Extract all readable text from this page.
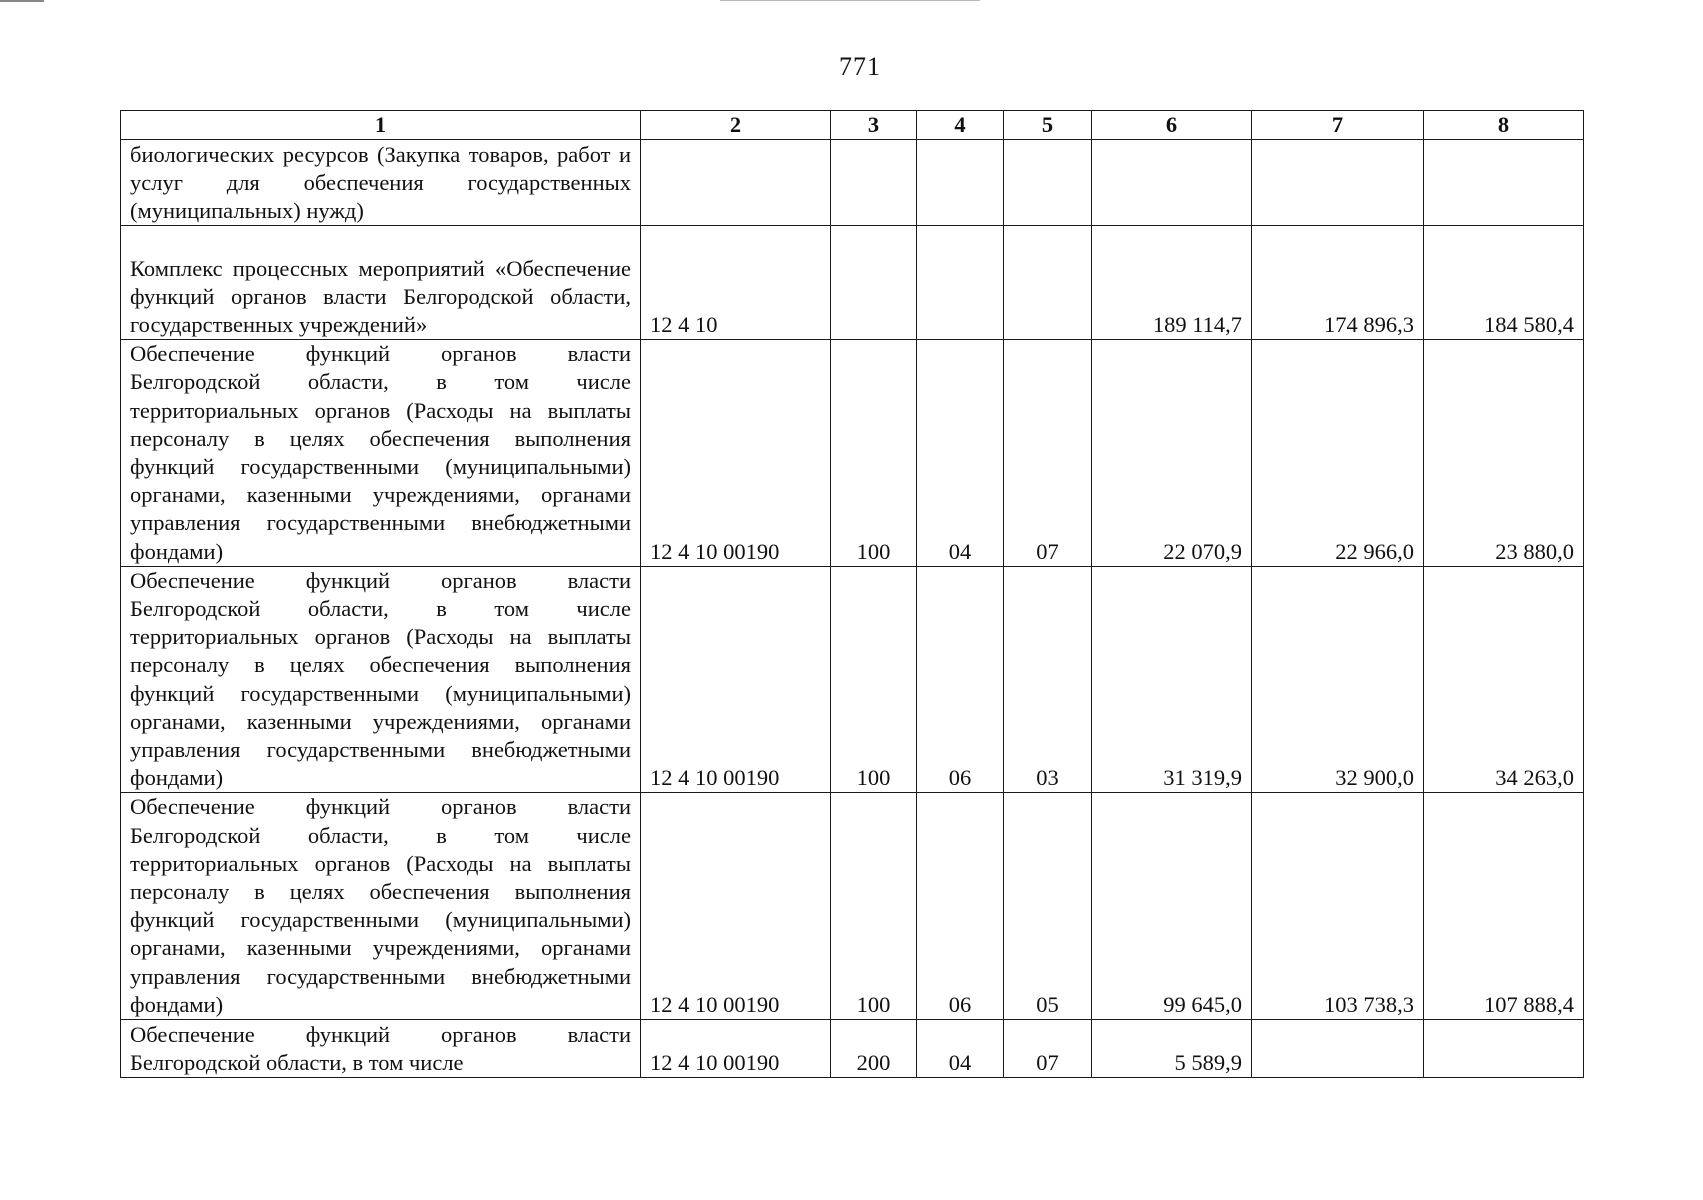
771
1	2	3	4	5	6	7	8
биологических ресурсов (Закупка товаров, работ и услуг для обеспечения государственных (муниципальных) нужд)							
Комплекс процессных мероприятий «Обеспечение функций органов власти Белгородской области, государственных учреждений»	12 4 10				189 114,7	174 896,3	184 580,4
Обеспечение функций органов власти Белгородской области, в том числе территориальных органов (Расходы на выплаты персоналу в целях обеспечения выполнения функций государственными (муниципальными) органами, казенными учреждениями, органами управления государственными внебюджетными фондами)	12 4 10 00190	100	04	07	22 070,9	22 966,0	23 880,0
Обеспечение функций органов власти Белгородской области, в том числе территориальных органов (Расходы на выплаты персоналу в целях обеспечения выполнения функций государственными (муниципальными) органами, казенными учреждениями, органами управления государственными внебюджетными фондами)	12 4 10 00190	100	06	03	31 319,9	32 900,0	34 263,0
Обеспечение функций органов власти Белгородской области, в том числе территориальных органов (Расходы на выплаты персоналу в целях обеспечения выполнения функций государственными (муниципальными) органами, казенными учреждениями, органами управления государственными внебюджетными фондами)	12 4 10 00190	100	06	05	99 645,0	103 738,3	107 888,4
Обеспечение функций органов власти Белгородской области, в том числе	12 4 10 00190	200	04	07	5 589,9		
